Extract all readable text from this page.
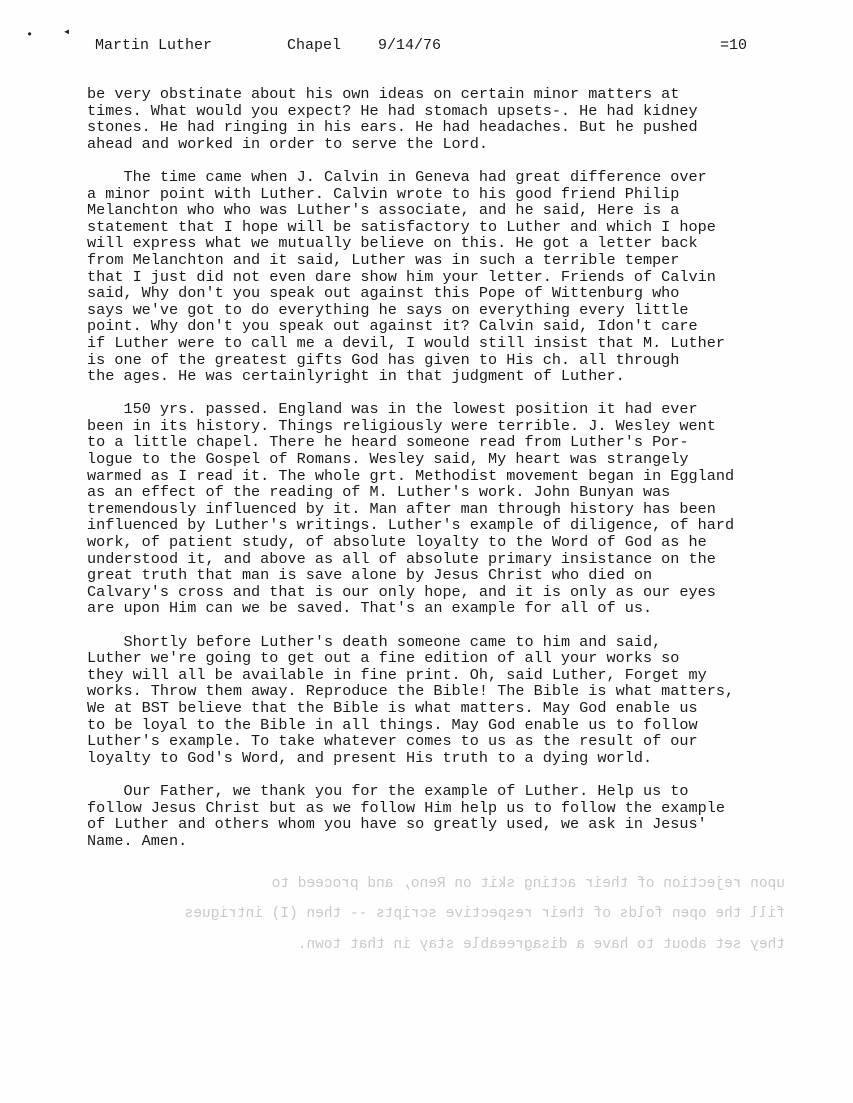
• ◂
Martin Luther	Chapel 9/14/76	=10
be very obstinate about his own ideas on certain minor matters at
times. What would you expect? He had stomach upsets-. He had kidney
stones. He had ringing in his ears. He had headaches. But he pushed
ahead and worked in order to serve the Lord.
The time came when J. Calvin in Geneva had great difference over
a minor point with Luther. Calvin wrote to his good friend Philip
Melanchton who who was Luther's associate, and he said, Here is a
statement that I hope will be satisfactory to Luther and which I hope
will express what we mutually believe on this. He got a letter back
from Melanchton and it said, Luther was in such a terrible temper
that I just did not even dare show him your letter. Friends of Calvin
said, Why don't you speak out against this Pope of Wittenburg who
says we've got to do everything he says on everything every little
point. Why don't you speak out against it? Calvin said, Idon't care
if Luther were to call me a devil, I would still insist that M. Luther
is one of the greatest gifts God has given to His ch. all through
the ages. He was certainlyright in that judgment of Luther.
150 yrs. passed. England was in the lowest position it had ever
been in its history. Things religiously were terrible. J. Wesley went
to a little chapel. There he heard someone read from Luther's Por-
logue to the Gospel of Romans. Wesley said, My heart was strangely
warmed as I read it. The whole grt. Methodist movement began in Eggland
as an effect of the reading of M. Luther's work. John Bunyan was
tremendously influenced by it. Man after man through history has been
influenced by Luther's writings. Luther's example of diligence, of hard
work, of patient study, of absolute loyalty to the Word of God as he
understood it, and above as all of absolute primary insistance on the
great truth that man is save alone by Jesus Christ who died on
Calvary's cross and that is our only hope, and it is only as our eyes
are upon Him can we be saved. That's an example for all of us.
Shortly before Luther's death someone came to him and said,
Luther we're going to get out a fine edition of all your works so
they will all be available in fine print. Oh, said Luther, Forget my
works. Throw them away. Reproduce the Bible! The Bible is what matters,
We at BST believe that the Bible is what matters. May God enable us
to be loyal to the Bible in all things. May God enable us to follow
Luther's example. To take whatever comes to us as the result of our
loyalty to God's Word, and present His truth to a dying world.
Our Father, we thank you for the example of Luther. Help us to
follow Jesus Christ but as we follow Him help us to follow the example
of Luther and others whom you have so greatly used, we ask in Jesus'
Name. Amen.
upon rejection of their acting skit on Reno, and proceed to
fill the open folds of their respective scripts -- then (I) intrigues
they set about to have a disagreeable stay in that town.
